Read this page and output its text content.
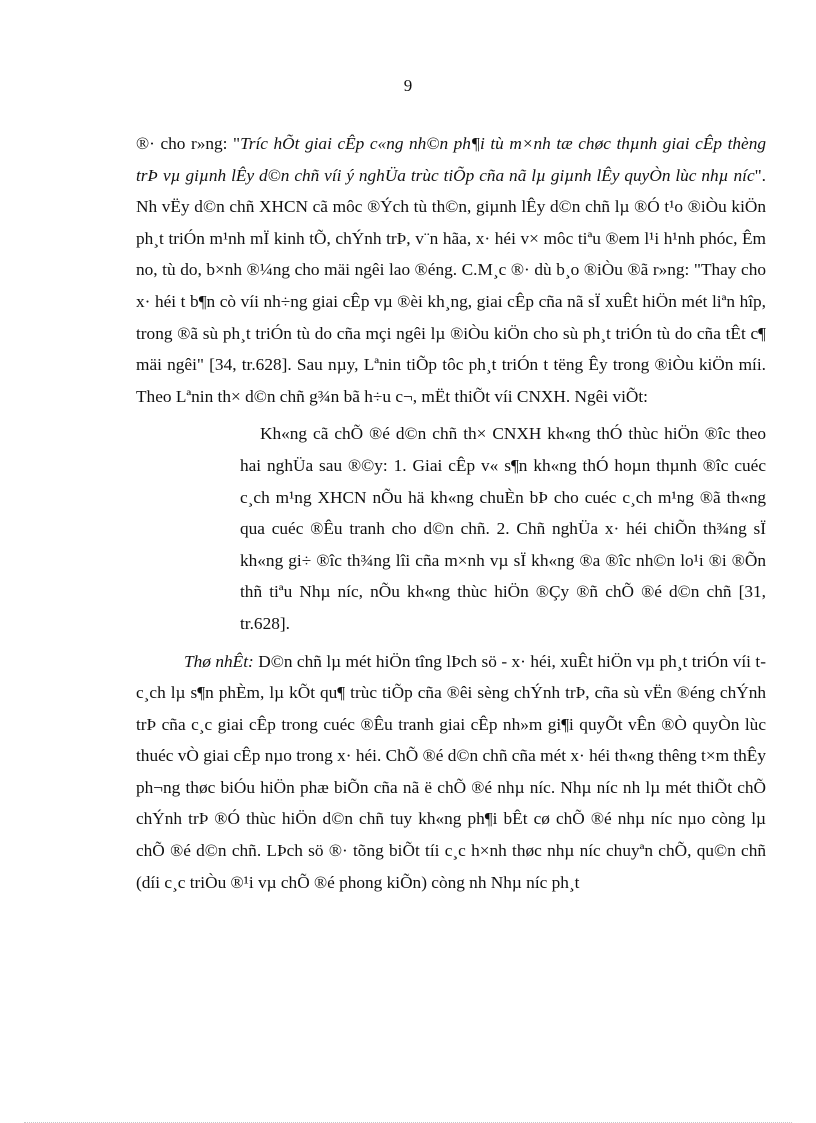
9

®· cho r»ng: "Tríc hÕt giai cÊp c«ng nh©n ph¶i tù m×nh tæ chøc thµnh giai cÊp thèng trÞ vµ giµnh lÊy d©n chñ víi ý nghÜa trùc tiÕp cña nã lµ giµnh lÊy quyÒn lùc nhµ níc". Nh vËy d©n chñ XHCN cã môc ®Ých tù th©n, giµnh lÊy d©n chñ lµ ®Ó t¹o ®iÒu kiÖn ph¸t triÓn m¹nh mÏ kinh tÕ, chÝnh trÞ, v¨n hãa, x· héi v× môc tiªu ®em l¹i h¹nh phóc, Êm no, tù do, b×nh ®¼ng cho mäi ngêi lao ®éng. C.M¸c ®· dù b¸o ®iÒu ®ã r»ng: "Thay cho x· héi t b¶n cò víi nh÷ng giai cÊp vµ ®èi kh¸ng, giai cÊp cña nã sÏ xuÊt hiÖn mét liªn hîp, trong ®ã sù ph¸t triÓn tù do cña mçi ngêi lµ ®iÒu kiÖn cho sù ph¸t triÓn tù do cña tÊt c¶ mäi ngêi" [34, tr.628]. Sau nµy, Lªnin tiÕp tôc ph¸t triÓn t tëng Êy trong ®iÒu kiÖn míi. Theo Lªnin th× d©n chñ g¾n bã h÷u c¬, mËt thiÕt víi CNXH. Ngêi viÕt:

Kh«ng cã chÕ ®é d©n chñ th× CNXH kh«ng thÓ thùc hiÖn ®îc theo hai nghÜa sau ®©y: 1. Giai cÊp v« s¶n kh«ng thÓ hoµn thµnh ®îc cuéc c¸ch m¹ng XHCN nÕu hä kh«ng chuÈn bÞ cho cuéc c¸ch m¹ng ®ã th«ng qua cuéc ®Êu tranh cho d©n chñ. 2. Chñ nghÜa x· héi chiÕn th¾ng sÏ kh«ng gi÷ ®îc th¾ng lîi cña m×nh vµ sÏ kh«ng ®a ®îc nh©n lo¹i ®i ®Õn thñ tiªu Nhµ níc, nÕu kh«ng thùc hiÖn ®Çy ®ñ chÕ ®é d©n chñ [31, tr.628].

Thø nhÊt: D©n chñ lµ mét hiÖn tîng lÞch sö - x· héi, xuÊt hiÖn vµ ph¸t triÓn víi t c¸ch lµ s¶n phÈm, lµ kÕt qu¶ trùc tiÕp cña ®êi sèng chÝnh trÞ, cña sù vËn ®éng chÝnh trÞ cña c¸c giai cÊp trong cuéc ®Êu tranh giai cÊp nh»m gi¶i quyÕt vÊn ®Ò quyÒn lùc thuéc vÒ giai cÊp nµo trong x· héi. ChÕ ®é d©n chñ cña mét x· héi th«ng thêng t×m thÊy ph¬ng thøc biÓu hiÖn phæ biÕn cña nã ë chÕ ®é nhµ níc. Nhµ níc nh lµ mét thiÕt chÕ chÝnh trÞ ®Ó thùc hiÖn d©n chñ tuy kh«ng ph¶i bÊt cø chÕ ®é nhµ níc nµo còng lµ chÕ ®é d©n chñ. LÞch sö ®· tõng biÕt tíi c¸c h×nh thøc nhµ níc chuyªn chÕ, qu©n chñ (díi c¸c triÒu ®¹i vµ chÕ ®é phong kiÕn) còng nh Nhµ níc ph¸t
